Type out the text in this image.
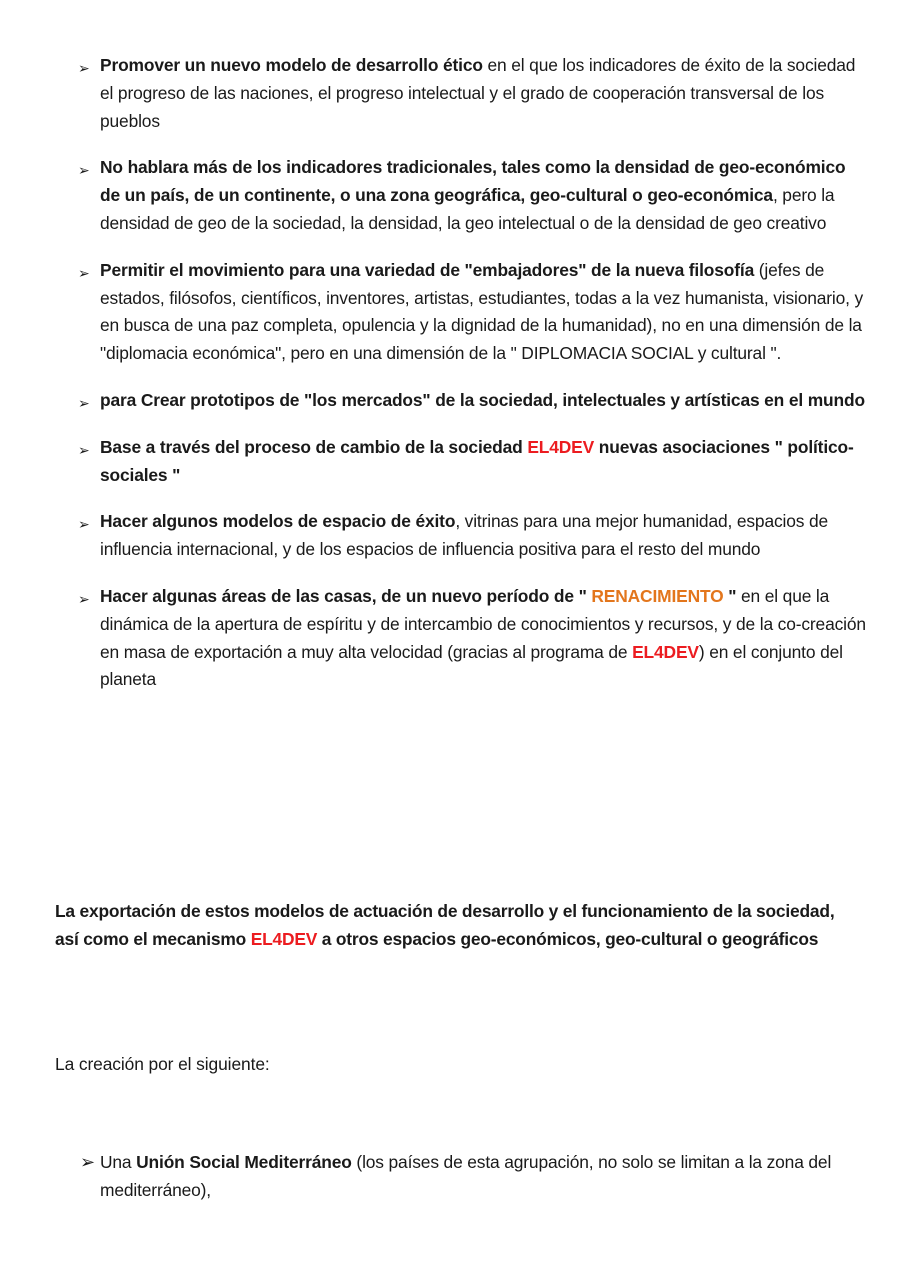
➢ Promover un nuevo modelo de desarrollo ético en el que los indicadores de éxito de la sociedad el progreso de las naciones, el progreso intelectual y el grado de cooperación transversal de los pueblos
➢ No hablara más de los indicadores tradicionales, tales como la densidad de geo-económico de un país, de un continente, o una zona geográfica, geo-cultural o geo-económica, pero la densidad de geo de la sociedad, la densidad, la geo intelectual o de la densidad de geo creativo
➢ Permitir el movimiento para una variedad de "embajadores" de la nueva filosofía (jefes de estados, filósofos, científicos, inventores, artistas, estudiantes, todas a la vez humanista, visionario, y en busca de una paz completa, opulencia y la dignidad de la humanidad), no en una dimensión de la "diplomacia económica", pero en una dimensión de la " DIPLOMACIA SOCIAL y cultural ".
➢ para Crear prototipos de "los mercados" de la sociedad, intelectuales y artísticas en el mundo
➢ Base a través del proceso de cambio de la sociedad EL4DEV nuevas asociaciones " político-sociales "
➢ Hacer algunos modelos de espacio de éxito, vitrinas para una mejor humanidad, espacios de influencia internacional, y de los espacios de influencia positiva para el resto del mundo
➢ Hacer algunas áreas de las casas, de un nuevo período de " RENACIMIENTO " en el que la dinámica de la apertura de espíritu y de intercambio de conocimientos y recursos, y de la co-creación en masa de exportación a muy alta velocidad (gracias al programa de EL4DEV) en el conjunto del planeta
La exportación de estos modelos de actuación de desarrollo y el funcionamiento de la sociedad, así como el mecanismo EL4DEV a otros espacios geo-económicos, geo-cultural o geográficos
La creación por el siguiente:
➢ Una Unión Social Mediterráneo (los países de esta agrupación, no solo se limitan a la zona del mediterráneo),
